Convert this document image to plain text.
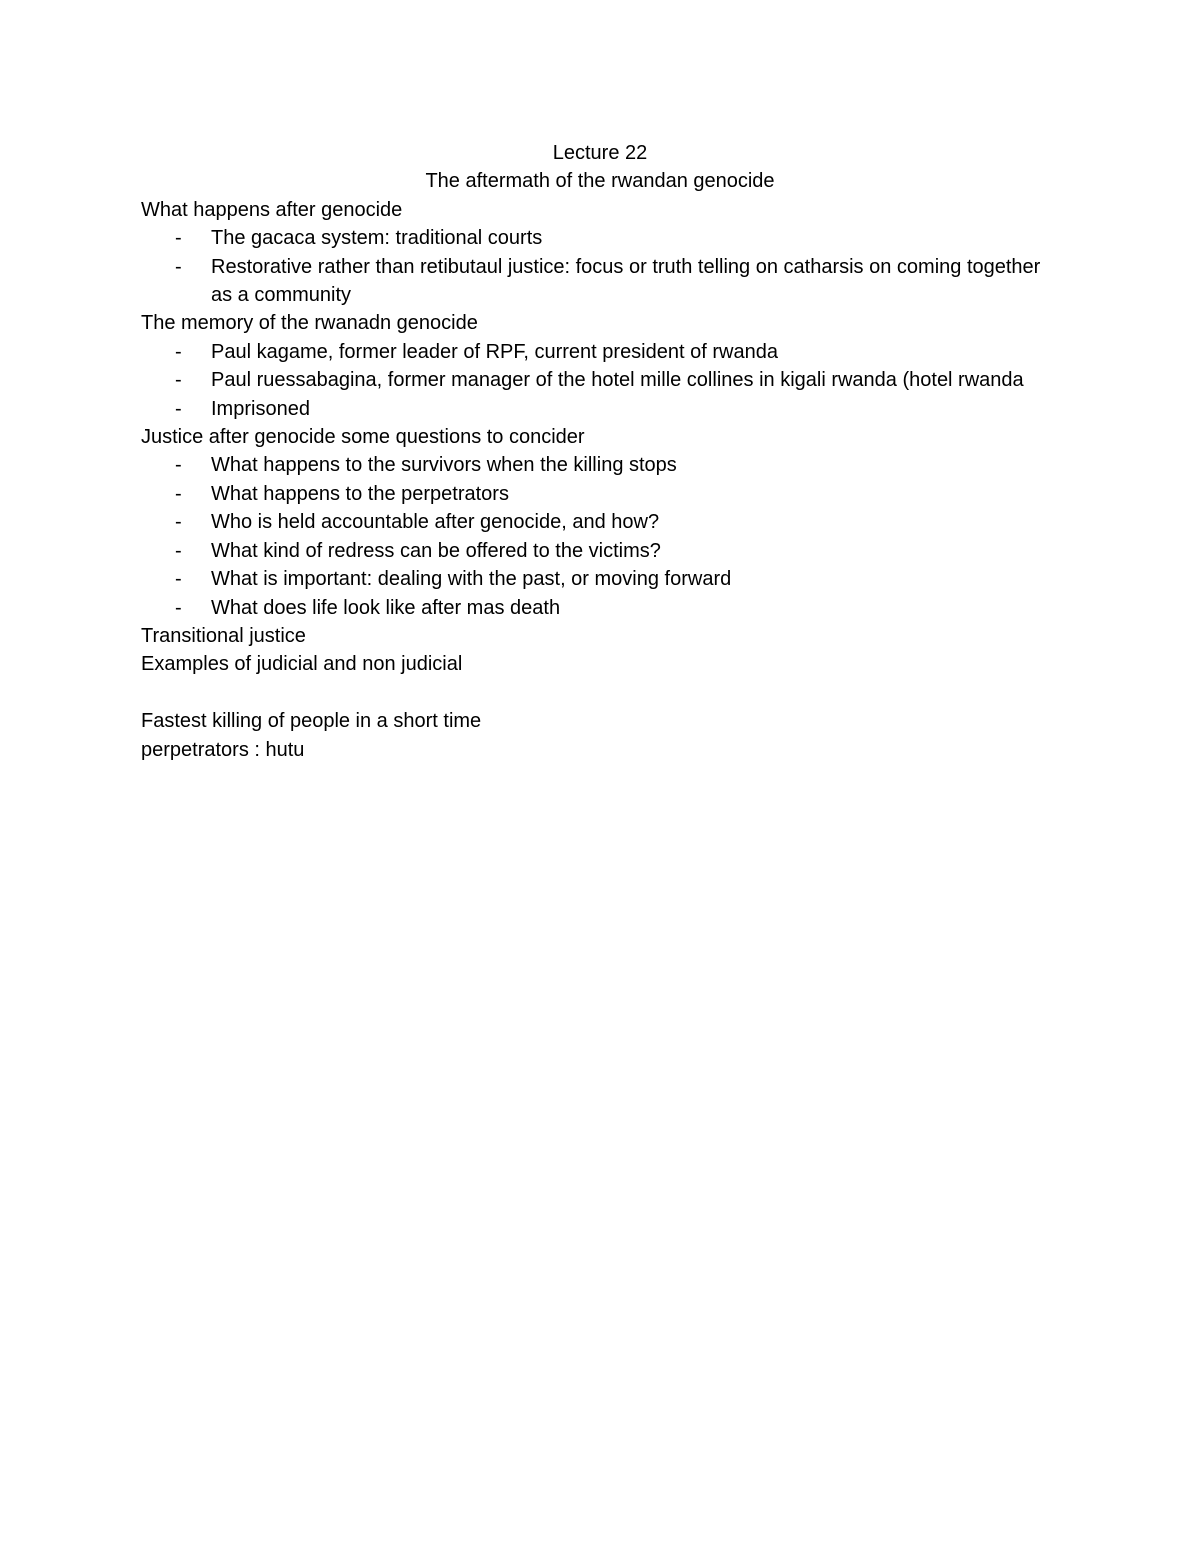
Lecture 22
The aftermath of the rwandan genocide

What happens after genocide

- The gacaca system: traditional courts
- Restorative rather than retibutaul justice: focus or truth telling on catharsis on coming together as a community

The memory of the rwanadn genocide

- Paul kagame, former leader of RPF, current president of rwanda
- Paul ruessabagina, former manager of the hotel mille collines in kigali rwanda (hotel rwanda
- Imprisoned

Justice after genocide some questions to concider

- What happens to the survivors when the killing stops
- What happens to the perpetrators
- Who is held accountable after genocide, and how?
- What kind of redress can be offered to the victims?
- What is important: dealing with the past, or moving forward
- What does life look like after mas death

Transitional justice

Examples of judicial and non judicial

Fastest killing of people in a short time

perpetrators : hutu
